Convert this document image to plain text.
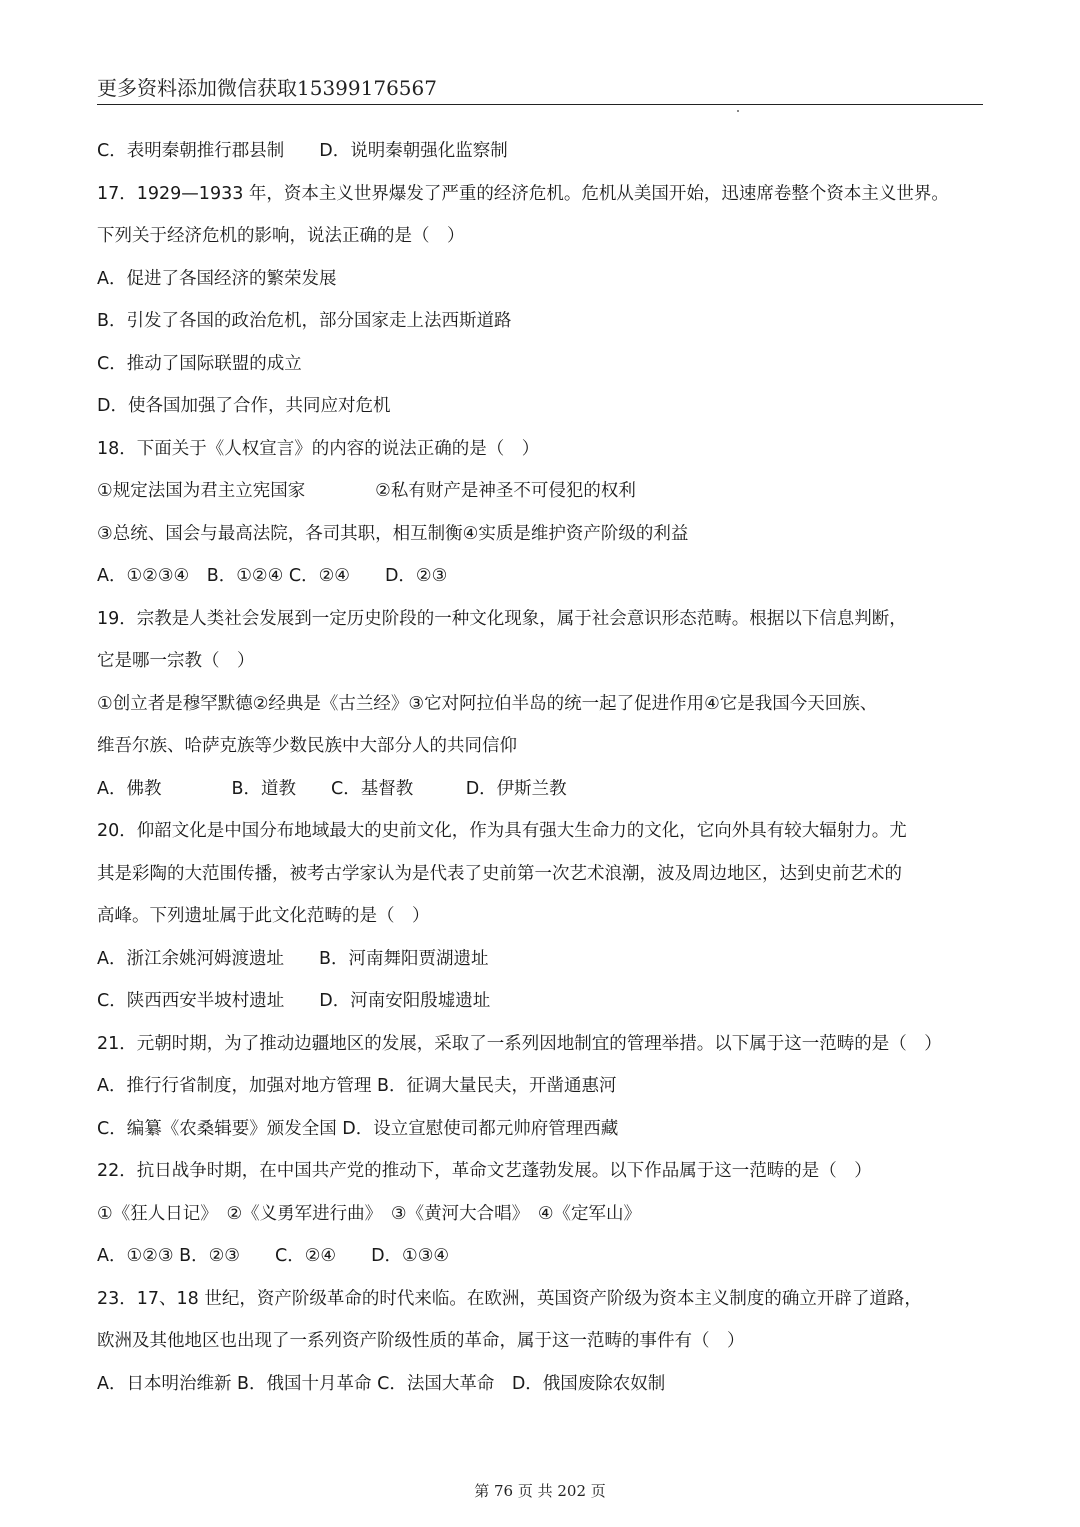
更多资料添加微信获取15399176567
C．表明秦朝推行郡县制　　D．说明秦朝强化监察制
17．1929—1933 年，资本主义世界爆发了严重的经济危机。危机从美国开始，迅速席卷整个资本主义世界。
下列关于经济危机的影响，说法正确的是（　）
A．促进了各国经济的繁荣发展
B．引发了各国的政治危机，部分国家走上法西斯道路
C．推动了国际联盟的成立
D．使各国加强了合作，共同应对危机
18．下面关于《人权宣言》的内容的说法正确的是（　）
①规定法国为君主立宪国家　　　　②私有财产是神圣不可侵犯的权利
③总统、国会与最高法院，各司其职，相互制衡④实质是维护资产阶级的利益
A．①②③④　B．①②④ C．②④　　D．②③
19．宗教是人类社会发展到一定历史阶段的一种文化现象，属于社会意识形态范畴。根据以下信息判断，
它是哪一宗教（　）
①创立者是穆罕默德②经典是《古兰经》③它对阿拉伯半岛的统一起了促进作用④它是我国今天回族、
维吾尔族、哈萨克族等少数民族中大部分人的共同信仰
A．佛教　　　　B．道教　　C．基督教　　　D．伊斯兰教
20．仰韶文化是中国分布地域最大的史前文化，作为具有强大生命力的文化，它向外具有较大辐射力。尤
其是彩陶的大范围传播，被考古学家认为是代表了史前第一次艺术浪潮，波及周边地区，达到史前艺术的
高峰。下列遗址属于此文化范畴的是（　）
A．浙江余姚河姆渡遗址　　B．河南舞阳贾湖遗址
C．陕西西安半坡村遗址　　D．河南安阳殷墟遗址
21．元朝时期，为了推动边疆地区的发展，采取了一系列因地制宜的管理举措。以下属于这一范畴的是（　）
A．推行行省制度，加强对地方管理 B．征调大量民夫，开凿通惠河
C．编纂《农桑辑要》颁发全国 D．设立宣慰使司都元帅府管理西藏
22．抗日战争时期，在中国共产党的推动下，革命文艺蓬勃发展。以下作品属于这一范畴的是（　）
①《狂人日记》　②《义勇军进行曲》　③《黄河大合唱》　④《定军山》
A．①②③ B．②③　　C．②④　　D．①③④
23．17、18 世纪，资产阶级革命的时代来临。在欧洲，英国资产阶级为资本主义制度的确立开辟了道路，
欧洲及其他地区也出现了一系列资产阶级性质的革命，属于这一范畴的事件有（　）
A．日本明治维新 B．俄国十月革命 C．法国大革命　D．俄国废除农奴制
第 76 页 共 202 页
